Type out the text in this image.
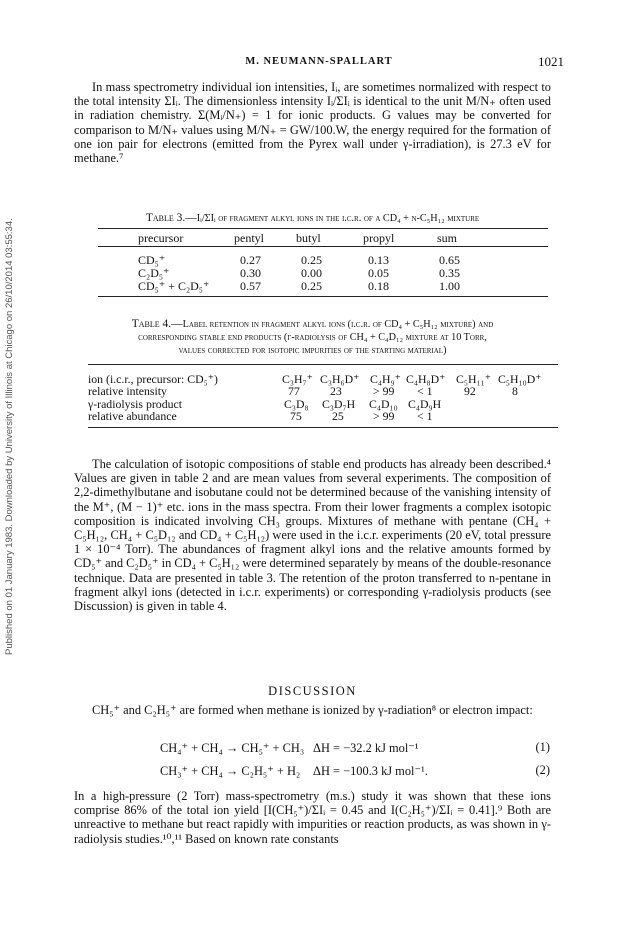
Published on 01 January 1983. Downloaded by University of Illinois at Chicago on 26/10/2014 03:55:34.
M. NEUMANN-SPALLART	1021

In mass spectrometry individual ion intensities, Iᵢ, are sometimes normalized with respect to the total intensity ΣIᵢ. The dimensionless intensity Iᵢ/ΣIᵢ is identical to the unit M/N₊ often used in radiation chemistry. Σ(Mᵢ/N₊) = 1 for ionic products. G values may be converted for comparison to M/N₊ values using M/N₊ = GW/100.W, the energy required for the formation of one ion pair for electrons (emitted from the Pyrex wall under γ-irradiation), is 27.3 eV for methane.⁷

Table 3.—Iᵢ/ΣIᵢ of fragment alkyl ions in the i.c.r. of a CD₄ + n-C₅H₁₂ mixture
precursor	pentyl	butyl	propyl	sum
CD₅⁺	0.27	0.25	0.13	0.65
C₂D₅⁺	0.30	0.00	0.05	0.35
CD₅⁺ + C₂D₅⁺	0.57	0.25	0.18	1.00
Table 4.—Label retention in fragment alkyl ions (i.c.r. of CD₄ + C₅H₁₂ mixture) and
corresponding stable end products (γ-radiolysis of CH₄ + C₄D₁₂ mixture at 10 Torr,
values corrected for isotopic impurities of the starting material)
ion (i.c.r., precursor: CD₅⁺)	C₃H₇⁺ C₃H₆D⁺ C₄H₉⁺ C₄H₈D⁺ C₅H₁₁⁺ C₅H₁₀D⁺
relative intensity	77	23	> 99 < 1	92	8
γ-radiolysis product	C₃D₈ C₃D₇H C₄D₁₀ C₄D₉H
relative abundance	75	25 > 99 < 1

The calculation of isotopic compositions of stable end products has already been described.⁴ Values are given in table 2 and are mean values from several experiments. The composition of 2,2-dimethylbutane and isobutane could not be determined because of the vanishing intensity of the M⁺, (M − 1)⁺ etc. ions in the mass spectra. From their lower fragments a complex isotopic composition is indicated involving CH₃ groups. Mixtures of methane with pentane (CH₄ + C₅H₁₂, CH₄ + C₅D₁₂ and CD₄ + C₅H₁₂) were used in the i.c.r. experiments (20 eV, total pressure 1 × 10⁻⁴ Torr). The abundances of fragment alkyl ions and the relative amounts formed by CD₅⁺ and C₂D₅⁺ in CD₄ + C₅H₁₂ were determined separately by means of the double-resonance technique. Data are presented in table 3. The retention of the proton transferred to n-pentane in fragment alkyl ions (detected in i.c.r. experiments) or corresponding γ-radiolysis products (see Discussion) is given in table 4.

DISCUSSION

CH₅⁺ and C₂H₅⁺ are formed when methane is ionized by γ-radiation⁸ or electron impact:

CH₄⁺ + CH₄ → CH₅⁺ + CH₃ ΔH = −32.2 kJ mol⁻¹	(1)
CH₃⁺ + CH₄ → C₂H₅⁺ + H₂ ΔH = −100.3 kJ mol⁻¹.	(2)

In a high-pressure (2 Torr) mass-spectrometry (m.s.) study it was shown that these ions comprise 86% of the total ion yield [I(CH₅⁺)/ΣIᵢ = 0.45 and I(C₂H₅⁺)/ΣIᵢ = 0.41].⁹ Both are unreactive to methane but react rapidly with impurities or reaction products, as was shown in γ-radiolysis studies.¹⁰,¹¹ Based on known rate constants
